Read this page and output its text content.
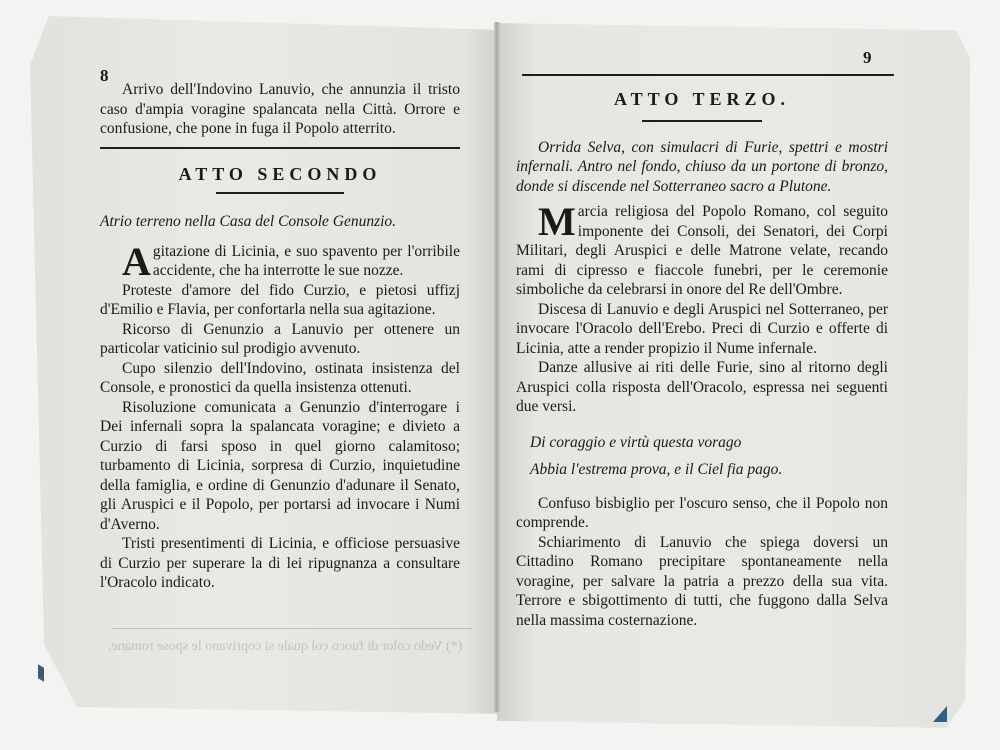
8

Arrivo dell'Indovino Lanuvio, che annunzia il tristo caso d'ampia voragine spalancata nella Città. Orrore e confusione, che pone in fuga il Popolo atterrito.

ATTO SECONDO

Atrio terreno nella Casa del Console Genunzio.

Agitazione di Licinia, e suo spavento per l'orribile accidente, che ha interrotte le sue nozze.

Proteste d'amore del fido Curzio, e pietosi uffizj d'Emilio e Flavia, per confortarla nella sua agitazione.

Ricorso di Genunzio a Lanuvio per ottenere un particolar vaticinio sul prodigio avvenuto.

Cupo silenzio dell'Indovino, ostinata insistenza del Console, e pronostici da quella insistenza ottenuti.

Risoluzione comunicata a Genunzio d'interrogare i Dei infernali sopra la spalancata voragine; e divieto a Curzio di farsi sposo in quel giorno calamitoso; turbamento di Licinia, sorpresa di Curzio, inquietudine della famiglia, e ordine di Genunzio d'adunare il Senato, gli Aruspici e il Popolo, per portarsi ad invocare i Numi d'Averno.

Tristi presentimenti di Licinia, e officiose persuasive di Curzio per superare la di lei ripugnanza a consultare l'Oracolo indicato.

(*) Vedo color di fuoco col quale si coprivano le spose romane.
9

ATTO TERZO.

Orrida Selva, con simulacri di Furie, spettri e mostri infernali. Antro nel fondo, chiuso da un portone di bronzo, donde si discende nel Sotterraneo sacro a Plutone.

Marcia religiosa del Popolo Romano, col seguito imponente dei Consoli, dei Senatori, dei Corpi Militari, degli Aruspici e delle Matrone velate, recando rami di cipresso e fiaccole funebri, per le ceremonie simboliche da celebrarsi in onore del Re dell'Ombre.

Discesa di Lanuvio e degli Aruspici nel Sotterraneo, per invocare l'Oracolo dell'Erebo. Preci di Curzio e offerte di Licinia, atte a render propizio il Nume infernale.

Danze allusive ai riti delle Furie, sino al ritorno degli Aruspici colla risposta dell'Oracolo, espressa nei seguenti due versi.

Di coraggio e virtù questa vorago

Abbia l'estrema prova, e il Ciel fia pago.

Confuso bisbiglio per l'oscuro senso, che il Popolo non comprende.

Schiarimento di Lanuvio che spiega doversi un Cittadino Romano precipitare spontaneamente nella voragine, per salvare la patria a prezzo della sua vita. Terrore e sbigottimento di tutti, che fuggono dalla Selva nella massima costernazione.
